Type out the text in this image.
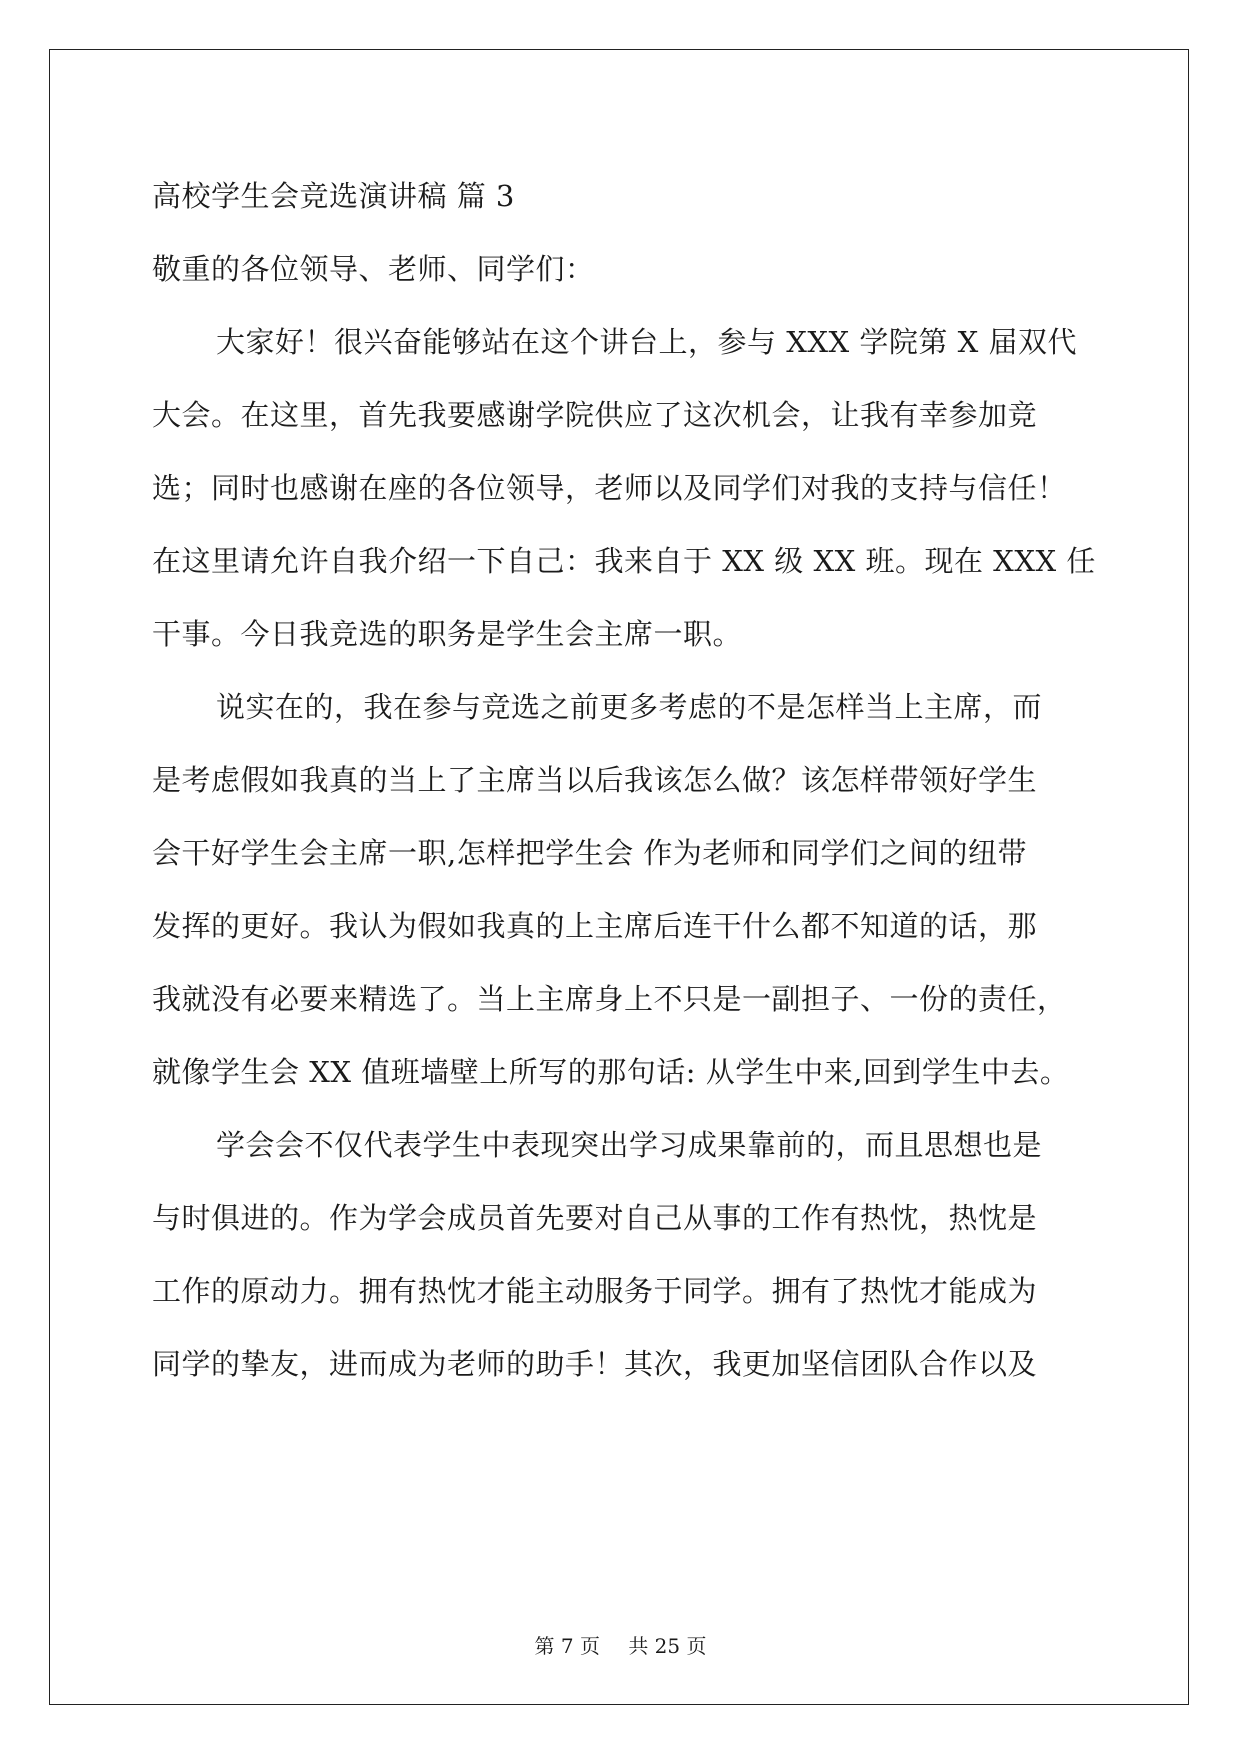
高校学生会竞选演讲稿 篇 3
敬重的各位领导、老师、同学们：
大家好！很兴奋能够站在这个讲台上，参与 XXX 学院第 X 届双代
大会。在这里，首先我要感谢学院供应了这次机会，让我有幸参加竞
选；同时也感谢在座的各位领导，老师以及同学们对我的支持与信任！
在这里请允许自我介绍一下自己：我来自于 XX 级 XX 班。现在 XXX 任
干事。今日我竞选的职务是学生会主席一职。
说实在的，我在参与竞选之前更多考虑的不是怎样当上主席，而
是考虑假如我真的当上了主席当以后我该怎么做？该怎样带领好学生
会干好学生会主席一职,怎样把学生会 作为老师和同学们之间的纽带
发挥的更好。我认为假如我真的上主席后连干什么都不知道的话，那
我就没有必要来精选了。当上主席身上不只是一副担子、一份的责任，
就像学生会 XX 值班墙壁上所写的那句话: 从学生中来,回到学生中去。
学会会不仅代表学生中表现突出学习成果靠前的，而且思想也是
与时俱进的。作为学会成员首先要对自己从事的工作有热忱，热忱是
工作的原动力。拥有热忱才能主动服务于同学。拥有了热忱才能成为
同学的挚友，进而成为老师的助手！其次，我更加坚信团队合作以及
第 7 页 共 25 页
